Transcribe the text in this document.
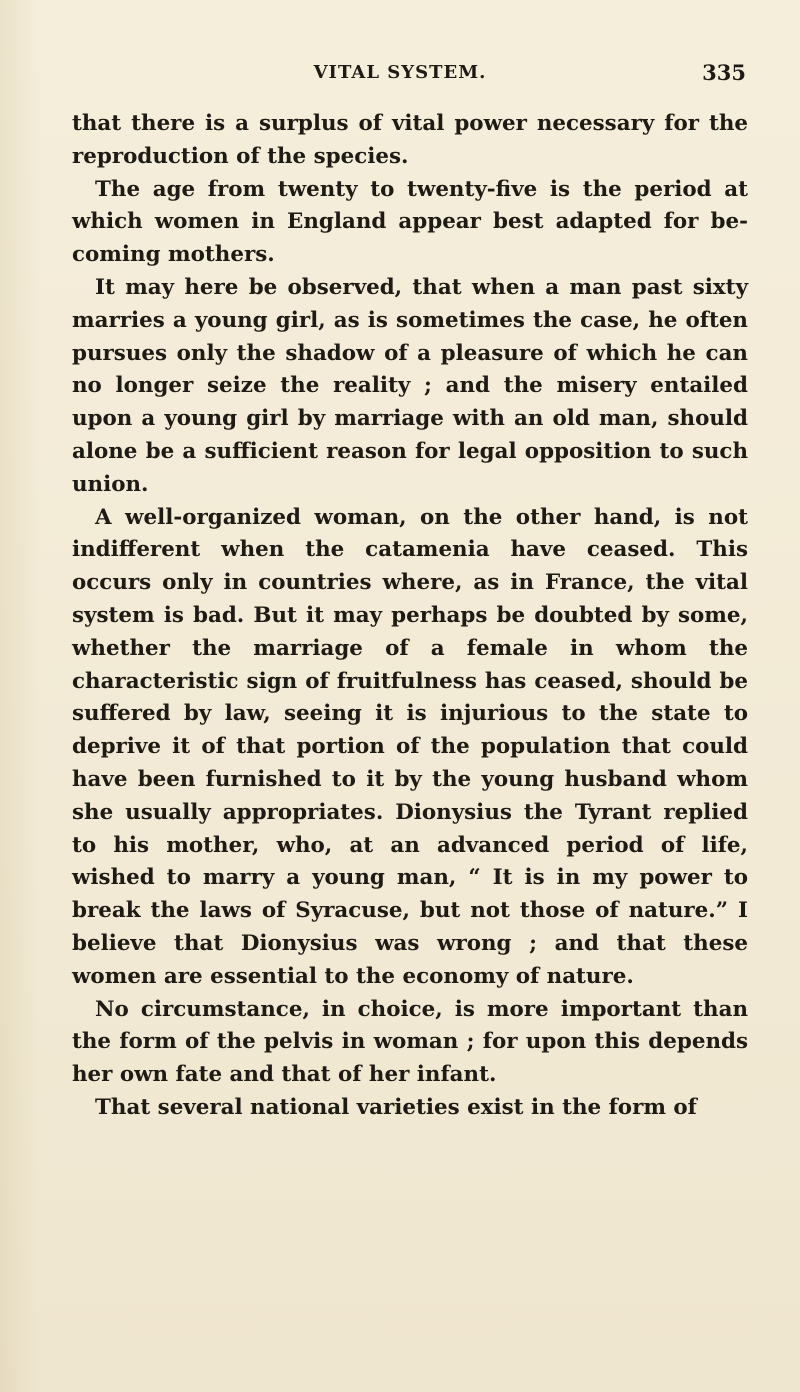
VITAL SYSTEM.	335

that there is a surplus of vital power necessary for the reproduction of the species.

The age from twenty to twenty-five is the period at which women in England appear best adapted for becoming mothers.

It may here be observed, that when a man past sixty marries a young girl, as is sometimes the case, he often pursues only the shadow of a pleasure of which he can no longer seize the reality ; and the misery entailed upon a young girl by marriage with an old man, should alone be a sufficient reason for legal opposition to such union.

A well-organized woman, on the other hand, is not indifferent when the catamenia have ceased. This occurs only in countries where, as in France, the vital system is bad. But it may perhaps be doubted by some, whether the marriage of a female in whom the characteristic sign of fruitfulness has ceased, should be suffered by law, seeing it is injurious to the state to deprive it of that portion of the population that could have been furnished to it by the young husband whom she usually appropriates. Dionysius the Tyrant replied to his mother, who, at an advanced period of life, wished to marry a young man, “ It is in my power to break the laws of Syracuse, but not those of nature.” I believe that Dionysius was wrong ; and that these women are essential to the economy of nature.

No circumstance, in choice, is more important than the form of the pelvis in woman ; for upon this depends her own fate and that of her infant.

That several national varieties exist in the form of
